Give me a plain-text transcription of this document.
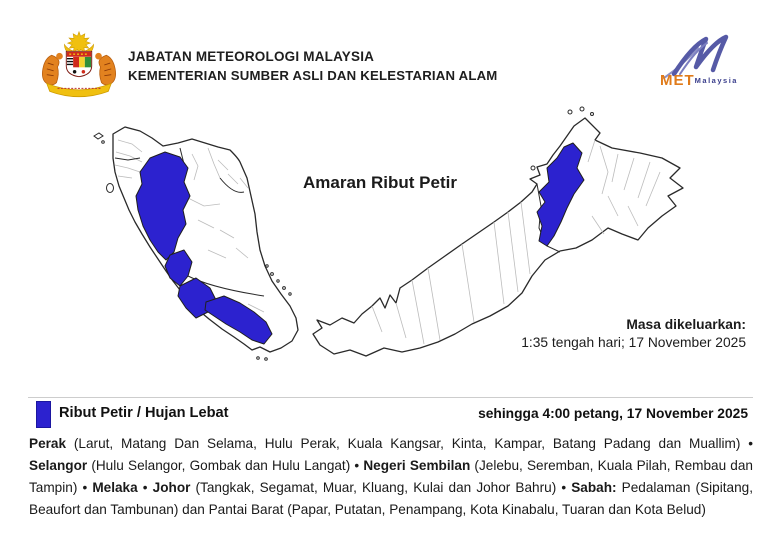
JABATAN METEOROLOGI MALAYSIA
KEMENTERIAN SUMBER ASLI DAN KELESTARIAN ALAM	METMalaysia
Amaran Ribut Petir
Masa dikeluarkan:
1:35 tengah hari; 17 November 2025
Ribut Petir / Hujan Lebat	sehingga 4:00 petang, 17 November 2025
Perak (Larut, Matang Dan Selama, Hulu Perak, Kuala Kangsar, Kinta, Kampar, Batang Padang dan Muallim) • Selangor (Hulu Selangor, Gombak dan Hulu Langat) • Negeri Sembilan (Jelebu, Seremban, Kuala Pilah, Rembau dan Tampin) • Melaka • Johor (Tangkak, Segamat, Muar, Kluang, Kulai dan Johor Bahru) • Sabah: Pedalaman (Sipitang, Beaufort dan Tambunan) dan Pantai Barat (Papar, Putatan, Penampang, Kota Kinabalu, Tuaran dan Kota Belud)
